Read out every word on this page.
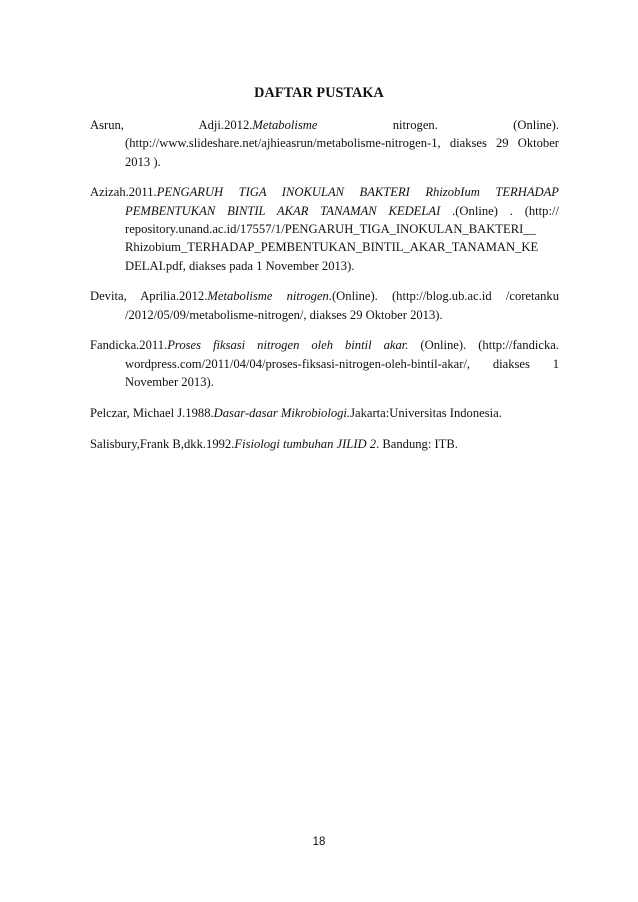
DAFTAR PUSTAKA

Asrun, Adji.2012.Metabolisme nitrogen. (Online).(http://www.slideshare.net/ajhieasrun/metabolisme-nitrogen-1, diakses 29 Oktober 2013 ).

Azizah.2011.PENGARUH TIGA INOKULAN BAKTERI RhizobIum TERHADAP PEMBENTUKAN BINTIL AKAR TANAMAN KEDELAI .(Online) . (http:// repository.unand.ac.id/17557/1/PENGARUH_TIGA_INOKULAN_BAKTERI__ Rhizobium_TERHADAP_PEMBENTUKAN_BINTIL_AKAR_TANAMAN_KE DELAI.pdf, diakses pada 1 November 2013).

Devita, Aprilia.2012.Metabolisme nitrogen.(Online). (http://blog.ub.ac.id /coretanku /2012/05/09/metabolisme-nitrogen/, diakses 29 Oktober 2013).

Fandicka.2011.Proses fiksasi nitrogen oleh bintil akar. (Online). (http://fandicka. wordpress.com/2011/04/04/proses-fiksasi-nitrogen-oleh-bintil-akar/, diakses 1 November 2013).

Pelczar, Michael J.1988.Dasar-dasar Mikrobiologi.Jakarta:Universitas Indonesia.

Salisbury,Frank B,dkk.1992.Fisiologi tumbuhan JILID 2. Bandung: ITB.

18
